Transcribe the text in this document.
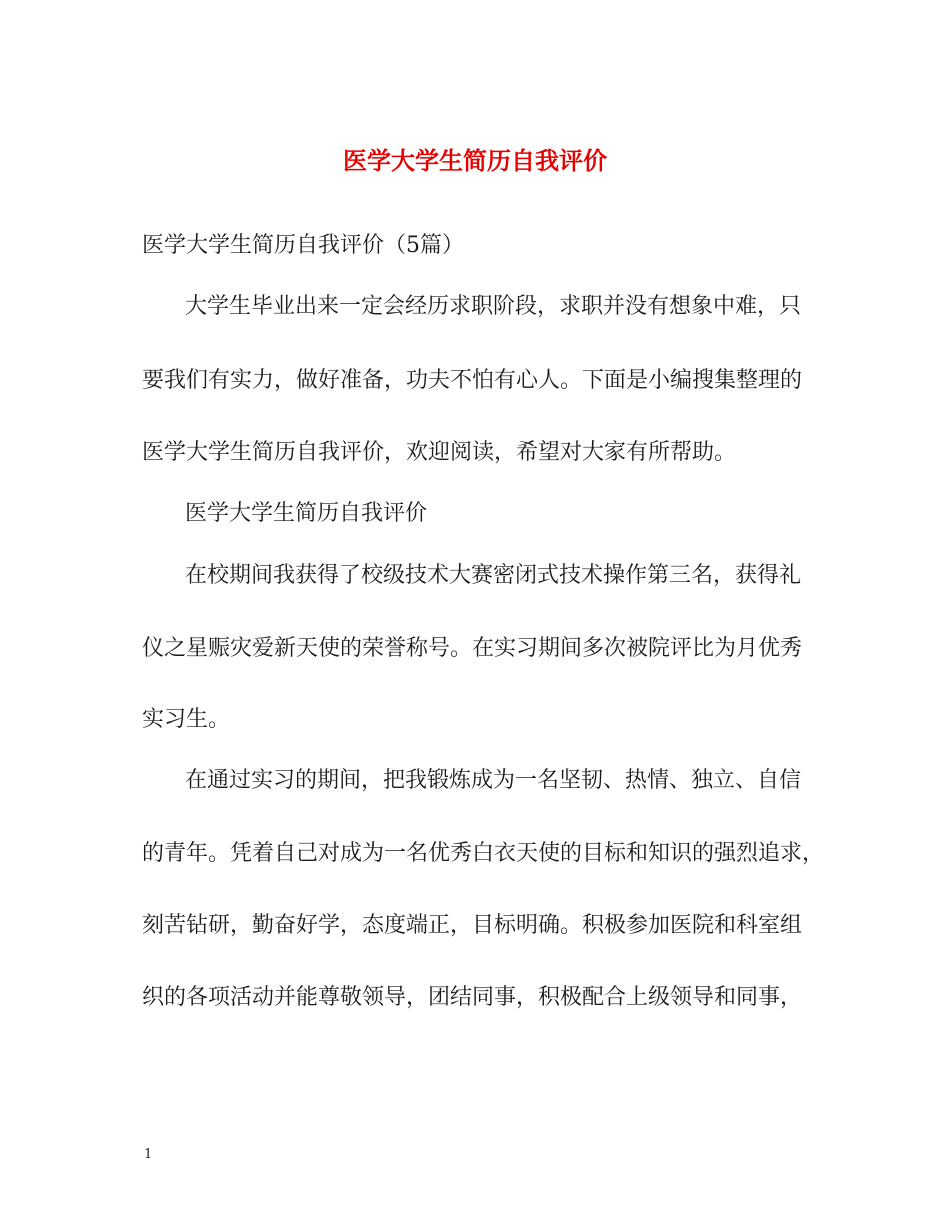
医学大学生简历自我评价
医学大学生简历自我评价（5篇）
大学生毕业出来一定会经历求职阶段，求职并没有想象中难，只
要我们有实力，做好准备，功夫不怕有心人。下面是小编搜集整理的
医学大学生简历自我评价，欢迎阅读，希望对大家有所帮助。
医学大学生简历自我评价
在校期间我获得了校级技术大赛密闭式技术操作第三名，获得礼
仪之星赈灾爱新天使的荣誉称号。在实习期间多次被院评比为月优秀
实习生。
在通过实习的期间，把我锻炼成为一名坚韧、热情、独立、自信
的青年。凭着自己对成为一名优秀白衣天使的目标和知识的强烈追求，
刻苦钻研，勤奋好学，态度端正，目标明确。积极参加医院和科室组
织的各项活动并能尊敬领导，团结同事，积极配合上级领导和同事，
1
